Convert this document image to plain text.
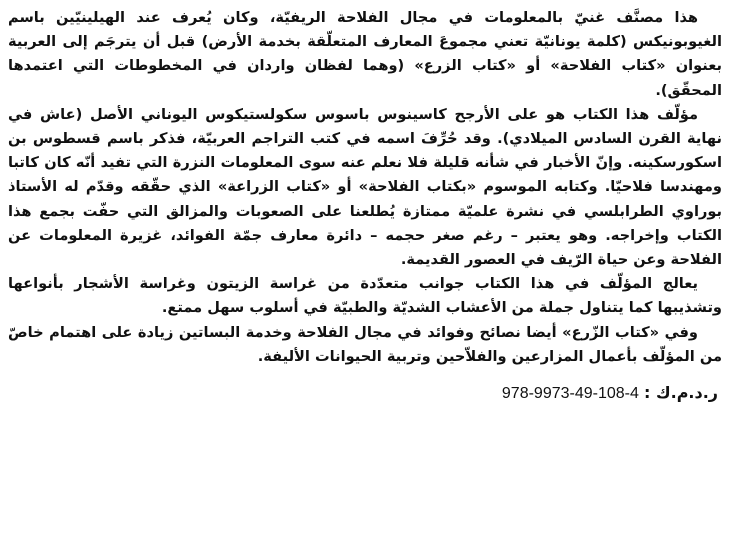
هذا مصنَّف غنيّ بالمعلومات في مجال الفلاحة الريفيّة، وكان يُعرف عند الهيلينيّين باسم الغيوبونيكس (كلمة يونانيّة تعني مجموعَ المعارف المتعلّقة بخدمة الأرض) قبل أن يترجَم إلى العربية بعنوان «كتاب الفلاحة» أو «كتاب الزرع» (وهما لفظان واردان في المخطوطات التي اعتمدها المحقّق).

مؤلّف هذا الكتاب هو على الأرجح كاسينوس باسوس سكولستيكوس اليوناني الأصل (عاش في نهاية القرن السادس الميلادي). وقد حُرِّفَ اسمه في كتب التراجم العربيّة، فذكر باسم قسطوس بن اسكورسكينه. وإنّ الأخبار في شأنه قليلة فلا نعلم عنه سوى المعلومات النزرة التي تفيد أنّه كان كاتبا ومهندسا فلاحيّا. وكتابه الموسوم «بكتاب الفلاحة» أو «كتاب الزراعة» الذي حقّقه وقدّم له الأستاذ بوراوي الطرابلسي في نشرة علميّة ممتازة يُطلعنا على الصعوبات والمزالق التي حفّت بجمع هذا الكتاب وإخراجه. وهو يعتبر – رغم صغر حجمه – دائرة معارف جمّة الفوائد، غزيرة المعلومات عن الفلاحة وعن حياة الرّيف في العصور القديمة.

يعالج المؤلّف في هذا الكتاب جوانب متعدّدة من غراسة الزيتون وغراسة الأشجار بأنواعها وتشذيبها كما يتناول جملة من الأعشاب الشديّة والطبيّة في أسلوب سهل ممتع.

وفي «كتاب الزّرع» أيضا نصائح وفوائد في مجال الفلاحة وخدمة البساتين زيادة على اهتمام خاصّ من المؤلّف بأعمال المزارعين والفلاّحين وتربية الحيوانات الأليفة.

ر.د.م.ك : 978-9973-49-108-4
